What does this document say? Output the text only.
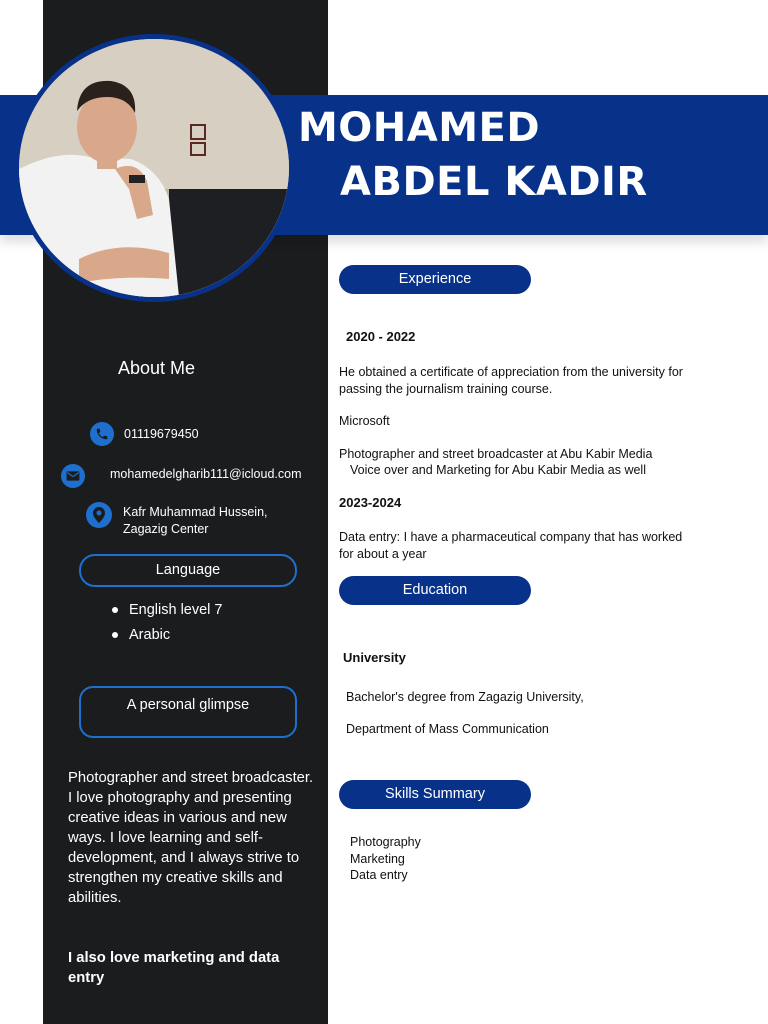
MOHAMED
ABDEL KADIR
About Me
01119679450
mohamedelgharib111@icloud.com
Kafr Muhammad Hussein,
Zagazig Center
Language
English level 7
Arabic
A personal glimpse
Photographer and street broadcaster.
I love photography and presenting creative ideas in various and new ways. I love learning and self-development, and I always strive to strengthen my creative skills and abilities.
I also love marketing and data entry
Experience
2020 - 2022
He obtained a certificate of appreciation from the university for passing the journalism training course.
Microsoft
Photographer and street broadcaster at Abu Kabir Media
Voice over and Marketing for Abu Kabir Media as well
2023-2024
Data entry: I have a pharmaceutical company that has worked for about a year
Education
University
Bachelor's degree from Zagazig University,
Department of Mass Communication
Skills Summary
Photography
Marketing
Data entry
